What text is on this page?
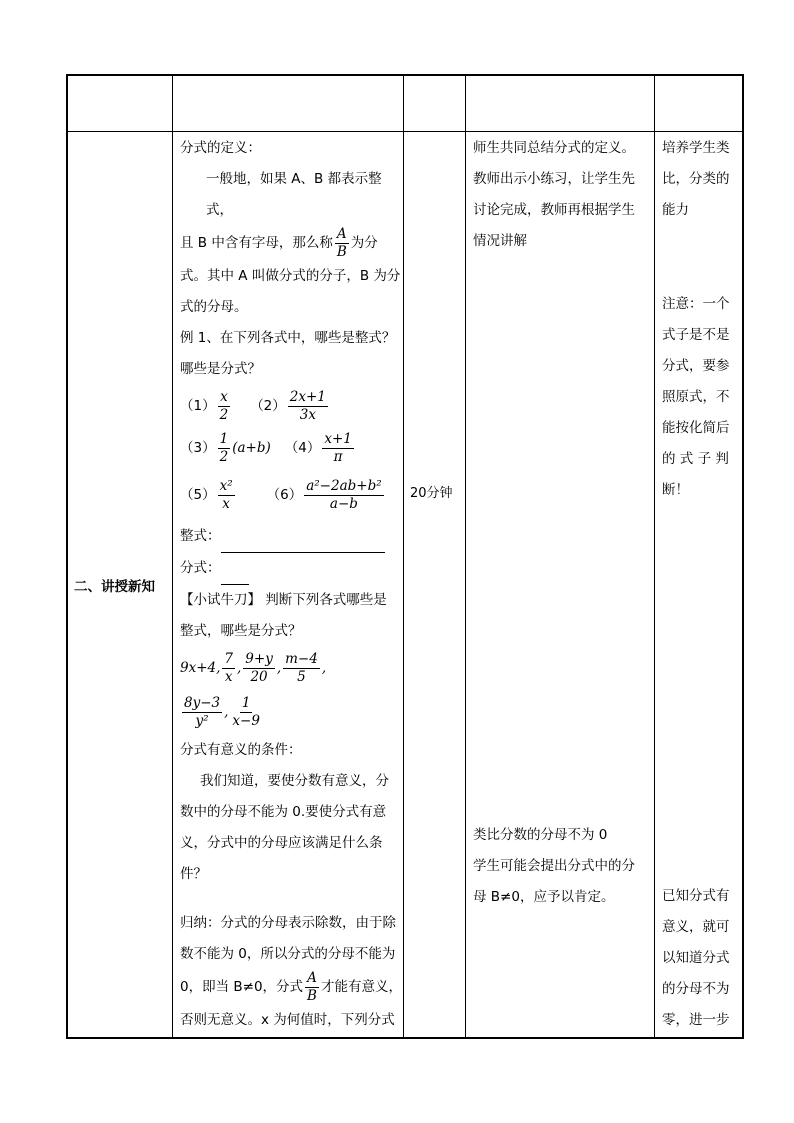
二、讲授新知
20分钟
分式的定义：
一般地，如果 A、B 都表示整式，
且 B 中含有字母，那么称 $\frac{A}{B}$ 为分
式。其中 A 叫做分式的分子，B 为分
式的分母。
例 1、在下列各式中，哪些是整式？
哪些是分式？
$(1) \frac{x}{2} (2) \frac{2x+1}{3x}$
$(3) \frac{1}{2} (a+b)$ $(4) \frac{x+1}{\pi}$
$(5) \frac{\text{x²}}{x} (6) \frac{\text{a²−2ab+b²}}{a-b}$
整式：
分式：
【小试牛刀】 判断下列各式哪些是
整式，哪些是分式？
9x+4, $\frac{7}{x}$ , $\frac{9+y}{20}$ , $\frac{m-4}{5}$ ,
$\frac{8y-3}{\text{y²}}$ , $\frac{1}{x-9}$
分式有意义的条件：
我们知道，要使分数有意义，分
数中的分母不能为 0.要使分式有意
义，分式中的分母应该满足什么条
件？
归纳：分式的分母表示除数，由于除
数不能为 0，所以分式的分母不能为
0，即当 B≠0，分式 $\frac{A}{B}$ 才能有意义，
否则无意义。x 为何值时，下列分式
师生共同总结分式的定义。
教师出示小练习，让学生先
讨论完成，教师再根据学生
情况讲解
类比分数的分母不为 0
学生可能会提出分式中的分
母 B≠0，应予以肯定。
培养学生类
比，分类的
能力
注意：一个
式子是不是
分式，要参
照原式，不
能按化简后
的 式 子 判
断！
已知分式有
意义，就可
以知道分式
的分母不为
零，进一步
